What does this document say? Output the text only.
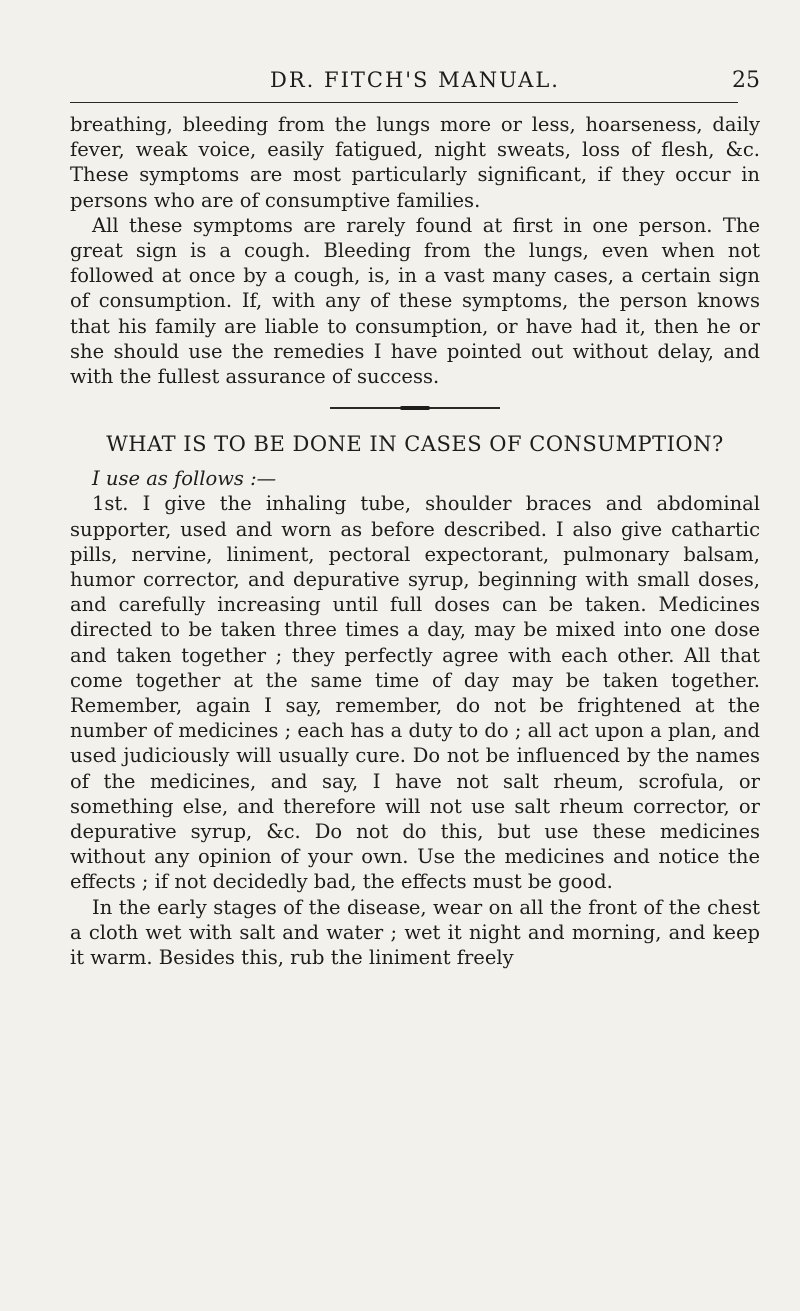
DR. FITCH'S MANUAL.	25

breathing, bleeding from the lungs more or less, hoarseness, daily fever, weak voice, easily fatigued, night sweats, loss of flesh, &c. These symptoms are most particularly significant, if they occur in persons who are of consumptive families.

All these symptoms are rarely found at first in one person. The great sign is a cough. Bleeding from the lungs, even when not followed at once by a cough, is, in a vast many cases, a certain sign of consumption. If, with any of these symptoms, the person knows that his family are liable to consumption, or have had it, then he or she should use the remedies I have pointed out without delay, and with the fullest assurance of success.

WHAT IS TO BE DONE IN CASES OF CONSUMPTION?

I use as follows :—

1st. I give the inhaling tube, shoulder braces and abdominal supporter, used and worn as before described. I also give cathartic pills, nervine, liniment, pectoral expectorant, pulmonary balsam, humor corrector, and depurative syrup, beginning with small doses, and carefully increasing until full doses can be taken. Medicines directed to be taken three times a day, may be mixed into one dose and taken together ; they perfectly agree with each other. All that come together at the same time of day may be taken together. Remember, again I say, remember, do not be frightened at the number of medicines ; each has a duty to do ; all act upon a plan, and used judiciously will usually cure. Do not be influenced by the names of the medicines, and say, I have not salt rheum, scrofula, or something else, and therefore will not use salt rheum corrector, or depurative syrup, &c. Do not do this, but use these medicines without any opinion of your own. Use the medicines and notice the effects ; if not decidedly bad, the effects must be good.

In the early stages of the disease, wear on all the front of the chest a cloth wet with salt and water ; wet it night and morning, and keep it warm. Besides this, rub the liniment freely
